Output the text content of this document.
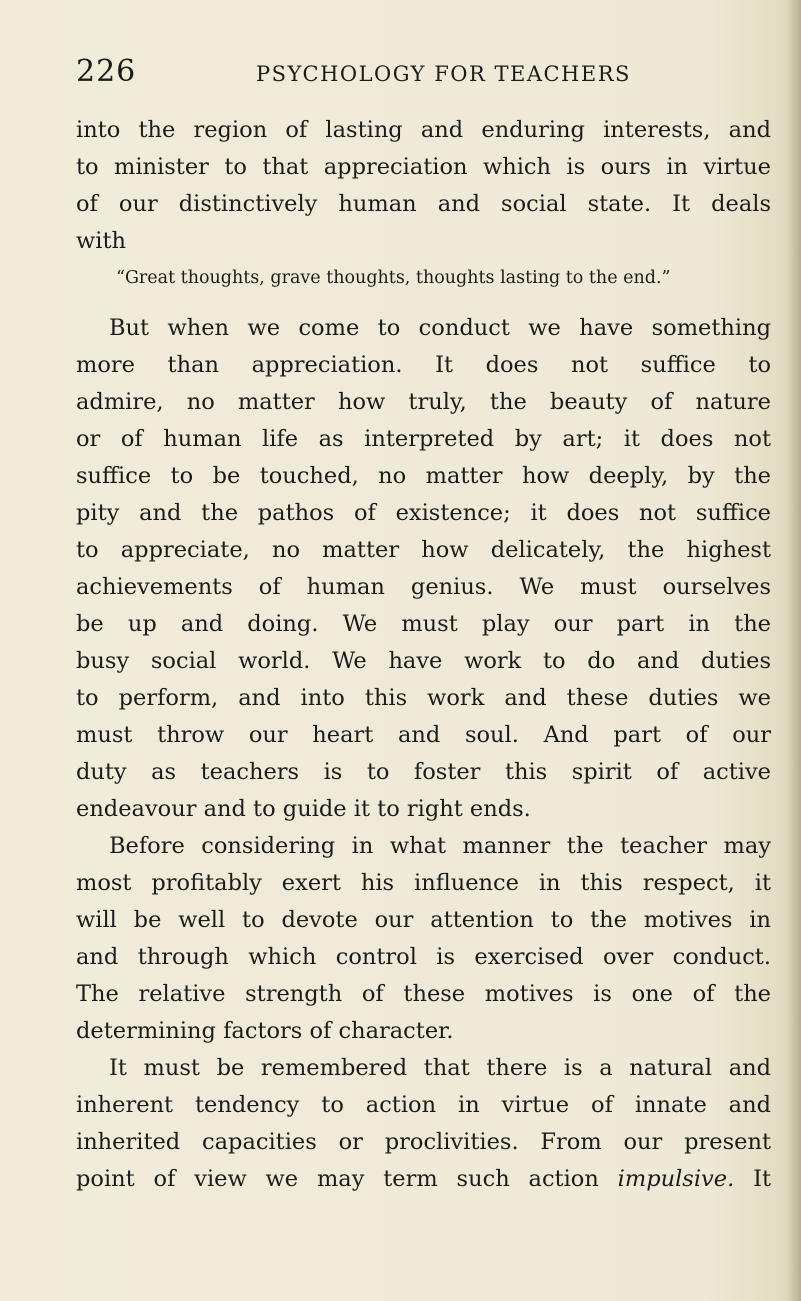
226	PSYCHOLOGY FOR TEACHERS
into the region of lasting and enduring interests, and
to minister to that appreciation which is ours in virtue
of our distinctively human and social state. It deals
with
“Great thoughts, grave thoughts, thoughts lasting to the end.”
But when we come to conduct we have something
more than appreciation. It does not suffice to
admire, no matter how truly, the beauty of nature
or of human life as interpreted by art; it does not
suffice to be touched, no matter how deeply, by the
pity and the pathos of existence; it does not suffice
to appreciate, no matter how delicately, the highest
achievements of human genius. We must ourselves
be up and doing. We must play our part in the
busy social world. We have work to do and duties
to perform, and into this work and these duties we
must throw our heart and soul. And part of our
duty as teachers is to foster this spirit of active
endeavour and to guide it to right ends.
Before considering in what manner the teacher may
most profitably exert his influence in this respect, it
will be well to devote our attention to the motives in
and through which control is exercised over conduct.
The relative strength of these motives is one of the
determining factors of character.
It must be remembered that there is a natural and
inherent tendency to action in virtue of innate and
inherited capacities or proclivities. From our present
point of view we may term such action impulsive. It
